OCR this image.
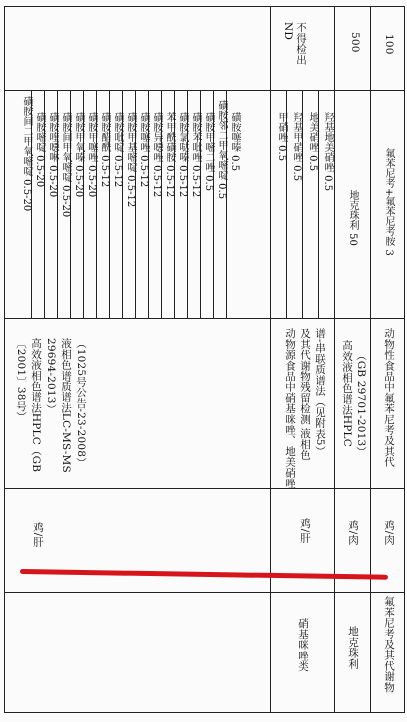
磺胺间二甲氧嘧啶 0.5-20 磺胺嘧啶 0.5-20 磺胺喹噁啉 0.5-20 磺胺间甲氧嘧啶 0.5-20 磺胺甲氧嗪 0.5-20 磺胺甲噻唑 0.5-20 磺胺醋酰 0.5-12 磺胺吡啶 0.5-12 磺胺甲基嘧啶 0.5-12 磺胺噻唑 0.5-12 磺胺异噁唑 0.5-12 苯甲酰磺胺 0.5-12 磺胺氯哒嗪 0.5-12 磺胺苯吡唑 0.5-12 磺胺甲嘧二唑 0.5 磺胺邻二甲氧嘧啶 0.5 磺胺噻嗪 0.5
〔2001〕38号） 高效液相色谱法HPLC（GB 29694-2013） 液相色谱质谱法LC-MS-MS （1025号公告-23-2008）
鸡/肝
不得检出
ND
甲硝唑 0.5 羟基甲硝唑 0.5 地美硝唑 0.5 羟基地美硝唑 0.5
动物源食品中硝基咪唑、地美硝唑 及其代谢物残留检测 液相色 谱-串联质谱法（见附表5）
鸡/肝
硝基咪唑类
500
地克珠利 50
高效液相色谱法HPLC （GB 29701-2013）
鸡/肉
地克珠利
氟苯尼考+氟苯尼考胺 3
动物性食品中氟苯尼考及其代
鸡/肉
氟苯尼考及其代谢物
100
